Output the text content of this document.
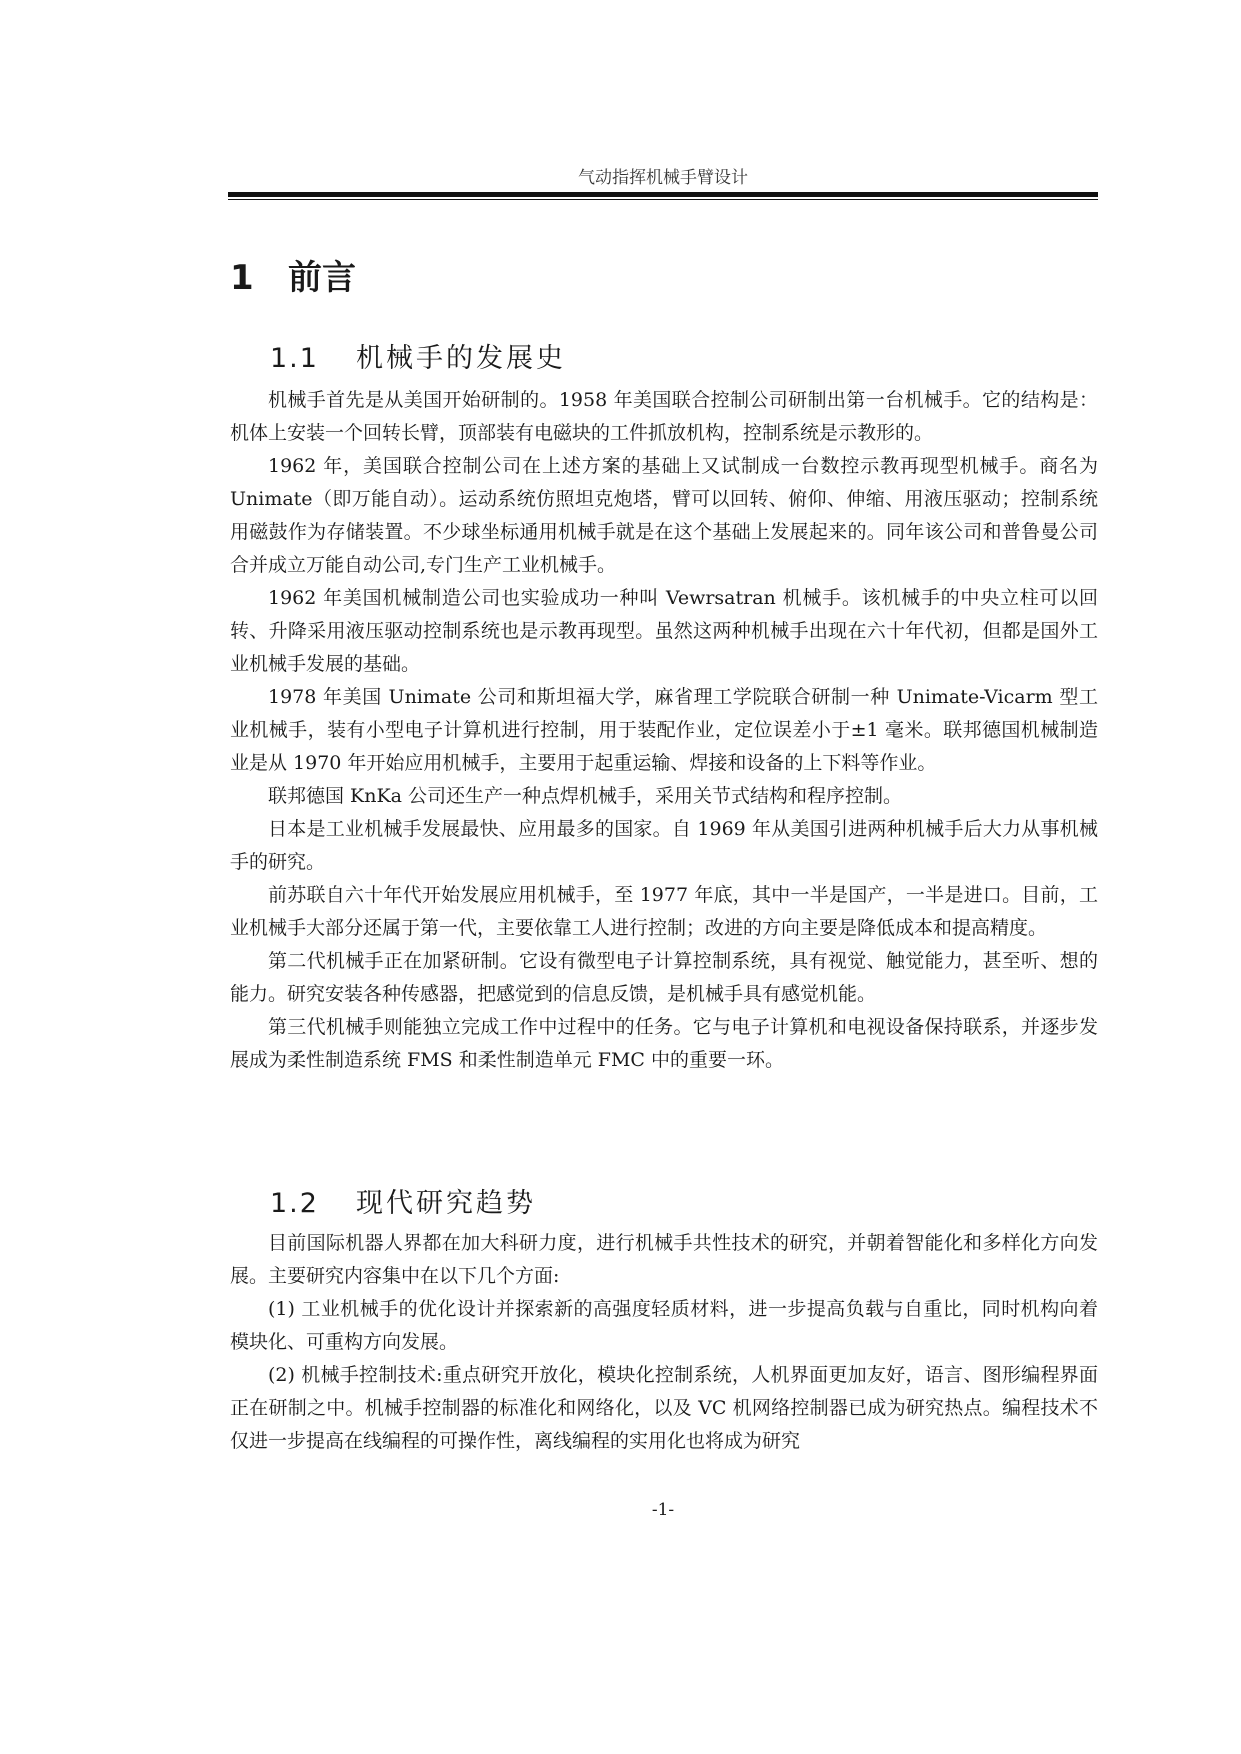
气动指挥机械手臂设计
1 前言
1.1 机械手的发展史

机械手首先是从美国开始研制的。1958 年美国联合控制公司研制出第一台机械手。它的结构是：机体上安装一个回转长臂，顶部装有电磁块的工件抓放机构，控制系统是示教形的。

1962 年，美国联合控制公司在上述方案的基础上又试制成一台数控示教再现型机械手。商名为 Unimate（即万能自动）。运动系统仿照坦克炮塔，臂可以回转、俯仰、伸缩、用液压驱动；控制系统用磁鼓作为存储装置。不少球坐标通用机械手就是在这个基础上发展起来的。同年该公司和普鲁曼公司合并成立万能自动公司,专门生产工业机械手。

1962 年美国机械制造公司也实验成功一种叫 Vewrsatran 机械手。该机械手的中央立柱可以回转、升降采用液压驱动控制系统也是示教再现型。虽然这两种机械手出现在六十年代初，但都是国外工业机械手发展的基础。

1978 年美国 Unimate 公司和斯坦福大学，麻省理工学院联合研制一种 Unimate-Vicarm 型工业机械手，装有小型电子计算机进行控制，用于装配作业，定位误差小于±1 毫米。联邦德国机械制造业是从 1970 年开始应用机械手，主要用于起重运输、焊接和设备的上下料等作业。

联邦德国 KnKa 公司还生产一种点焊机械手，采用关节式结构和程序控制。

日本是工业机械手发展最快、应用最多的国家。自 1969 年从美国引进两种机械手后大力从事机械手的研究。

前苏联自六十年代开始发展应用机械手，至 1977 年底，其中一半是国产，一半是进口。目前，工业机械手大部分还属于第一代，主要依靠工人进行控制；改进的方向主要是降低成本和提高精度。

第二代机械手正在加紧研制。它设有微型电子计算控制系统，具有视觉、触觉能力，甚至听、想的能力。研究安装各种传感器，把感觉到的信息反馈，是机械手具有感觉机能。

第三代机械手则能独立完成工作中过程中的任务。它与电子计算机和电视设备保持联系，并逐步发展成为柔性制造系统 FMS 和柔性制造单元 FMC 中的重要一环。

1.2 现代研究趋势

目前国际机器人界都在加大科研力度，进行机械手共性技术的研究，并朝着智能化和多样化方向发展。主要研究内容集中在以下几个方面:

(1) 工业机械手的优化设计并探索新的高强度轻质材料，进一步提高负载与自重比，同时机构向着模块化、可重构方向发展。

(2) 机械手控制技术:重点研究开放化，模块化控制系统，人机界面更加友好，语言、图形编程界面正在研制之中。机械手控制器的标准化和网络化，以及 VC 机网络控制器已成为研究热点。编程技术不仅进一步提高在线编程的可操作性，离线编程的实用化也将成为研究

-1-
